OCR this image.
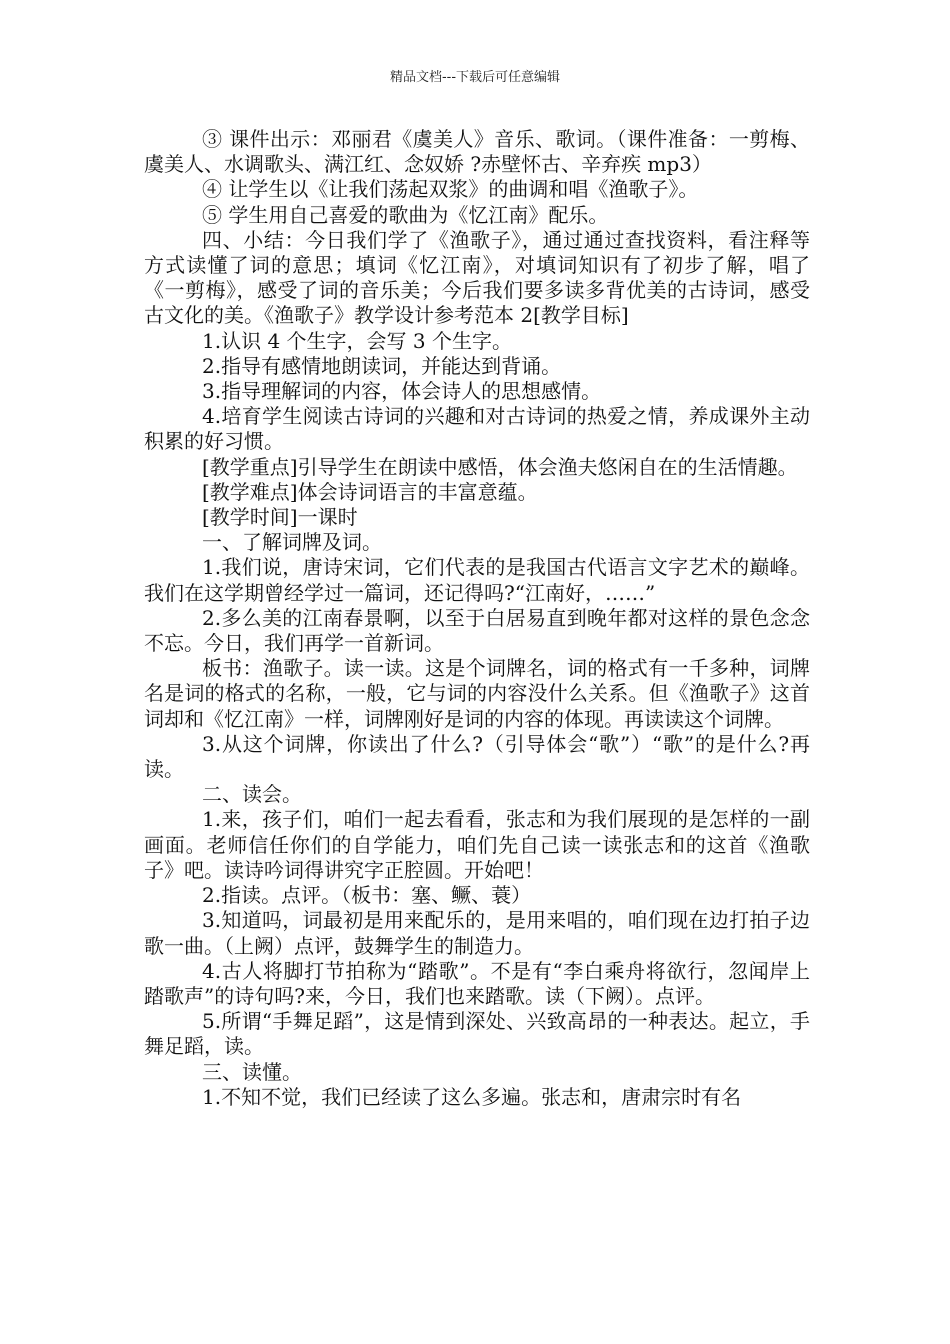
精品文档---下载后可任意编辑

③ 课件出示：邓丽君《虞美人》音乐、歌词。（课件准备：一剪梅、虞美人、水调歌头、满江红、念奴娇 ?赤壁怀古、辛弃疾 mp3）

④ 让学生以《让我们荡起双浆》的曲调和唱《渔歌子》。

⑤ 学生用自己喜爱的歌曲为《忆江南》配乐。

四、小结：今日我们学了《渔歌子》，通过通过查找资料，看注释等方式读懂了词的意思；填词《忆江南》，对填词知识有了初步了解，唱了《一剪梅》，感受了词的音乐美；今后我们要多读多背优美的古诗词，感受古文化的美。《渔歌子》教学设计参考范本 2[教学目标]

1.认识 4 个生字，会写 3 个生字。

2.指导有感情地朗读词，并能达到背诵。

3.指导理解词的内容，体会诗人的思想感情。

4.培育学生阅读古诗词的兴趣和对古诗词的热爱之情，养成课外主动积累的好习惯。

[教学重点]引导学生在朗读中感悟，体会渔夫悠闲自在的生活情趣。

[教学难点]体会诗词语言的丰富意蕴。

[教学时间]一课时

一、了解词牌及词。

1.我们说，唐诗宋词，它们代表的是我国古代语言文字艺术的巅峰。我们在这学期曾经学过一篇词，还记得吗?“江南好，……”

2.多么美的江南春景啊，以至于白居易直到晚年都对这样的景色念念不忘。今日，我们再学一首新词。

板书：渔歌子。读一读。这是个词牌名，词的格式有一千多种，词牌名是词的格式的名称，一般，它与词的内容没什么关系。但《渔歌子》这首词却和《忆江南》一样，词牌刚好是词的内容的体现。再读读这个词牌。

3.从这个词牌，你读出了什么?（引导体会“歌”）“歌”的是什么?再读。

二、读会。

1.来，孩子们，咱们一起去看看，张志和为我们展现的是怎样的一副画面。老师信任你们的自学能力，咱们先自己读一读张志和的这首《渔歌子》吧。读诗吟词得讲究字正腔圆。开始吧！

2.指读。点评。（板书：塞、鳜、蓑）

3.知道吗，词最初是用来配乐的，是用来唱的，咱们现在边打拍子边歌一曲。（上阙）点评，鼓舞学生的制造力。

4.古人将脚打节拍称为“踏歌”。不是有“李白乘舟将欲行，忽闻岸上踏歌声”的诗句吗?来，今日，我们也来踏歌。读（下阙）。点评。

5.所谓“手舞足蹈”，这是情到深处、兴致高昂的一种表达。起立，手舞足蹈，读。

三、读懂。

1.不知不觉，我们已经读了这么多遍。张志和，唐肃宗时有名
